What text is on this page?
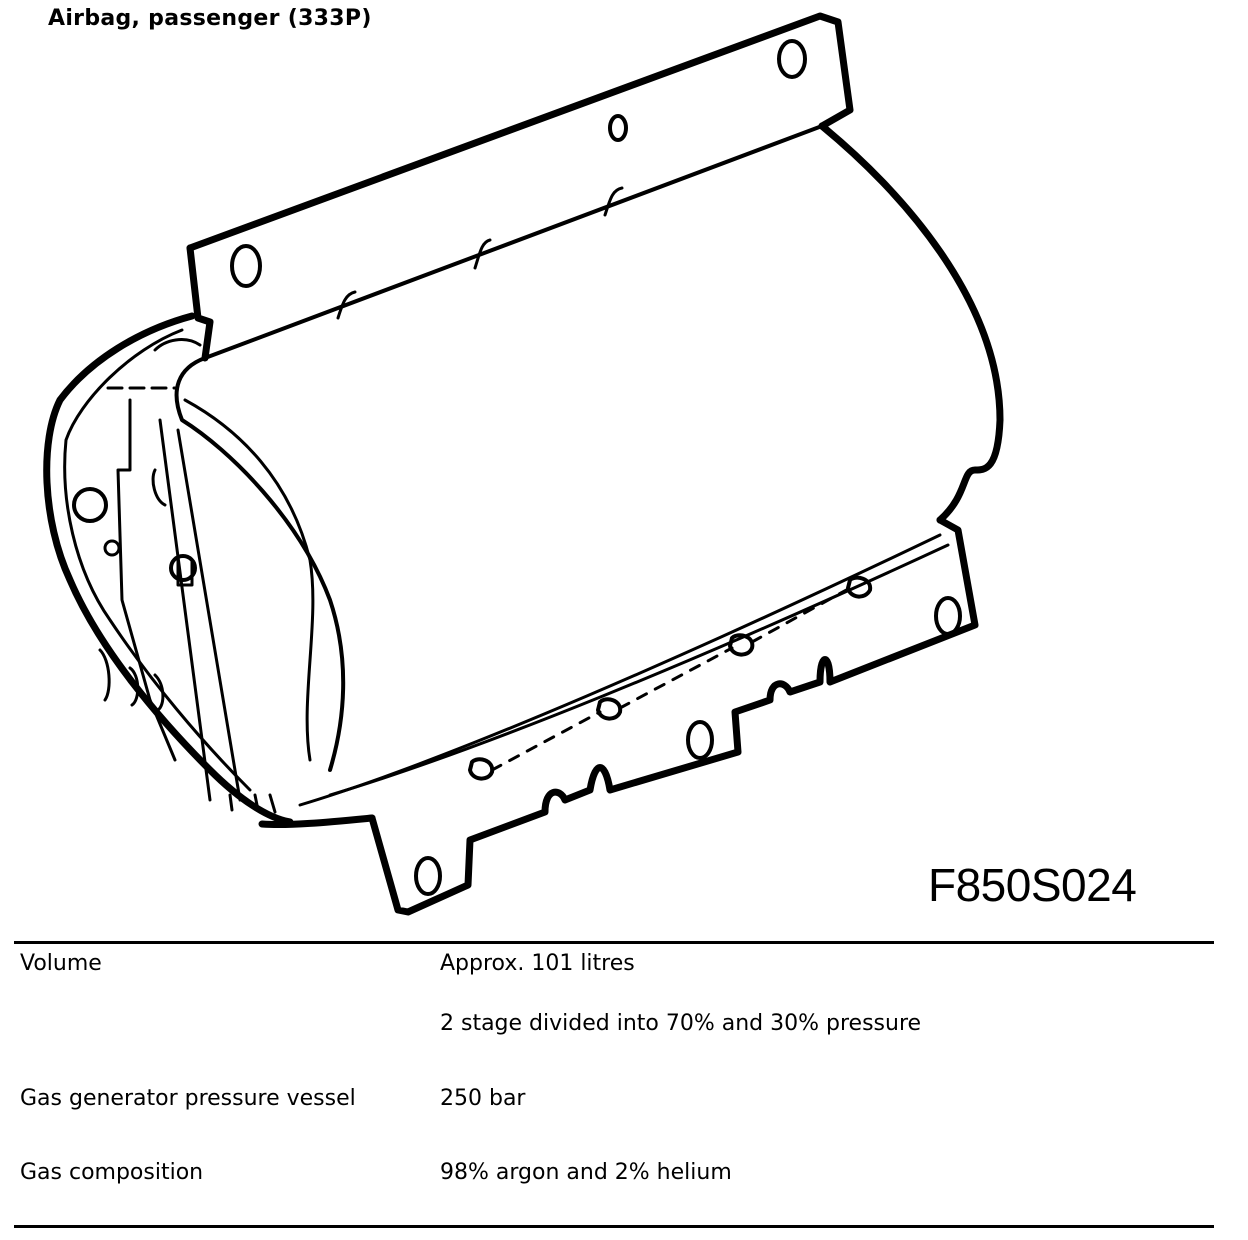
Airbag, passenger (333P)
F850S024
Volume	Approx. 101 litres
2 stage divided into 70% and 30% pressure
Gas generator pressure vessel	250 bar
Gas composition	98% argon and 2% helium
